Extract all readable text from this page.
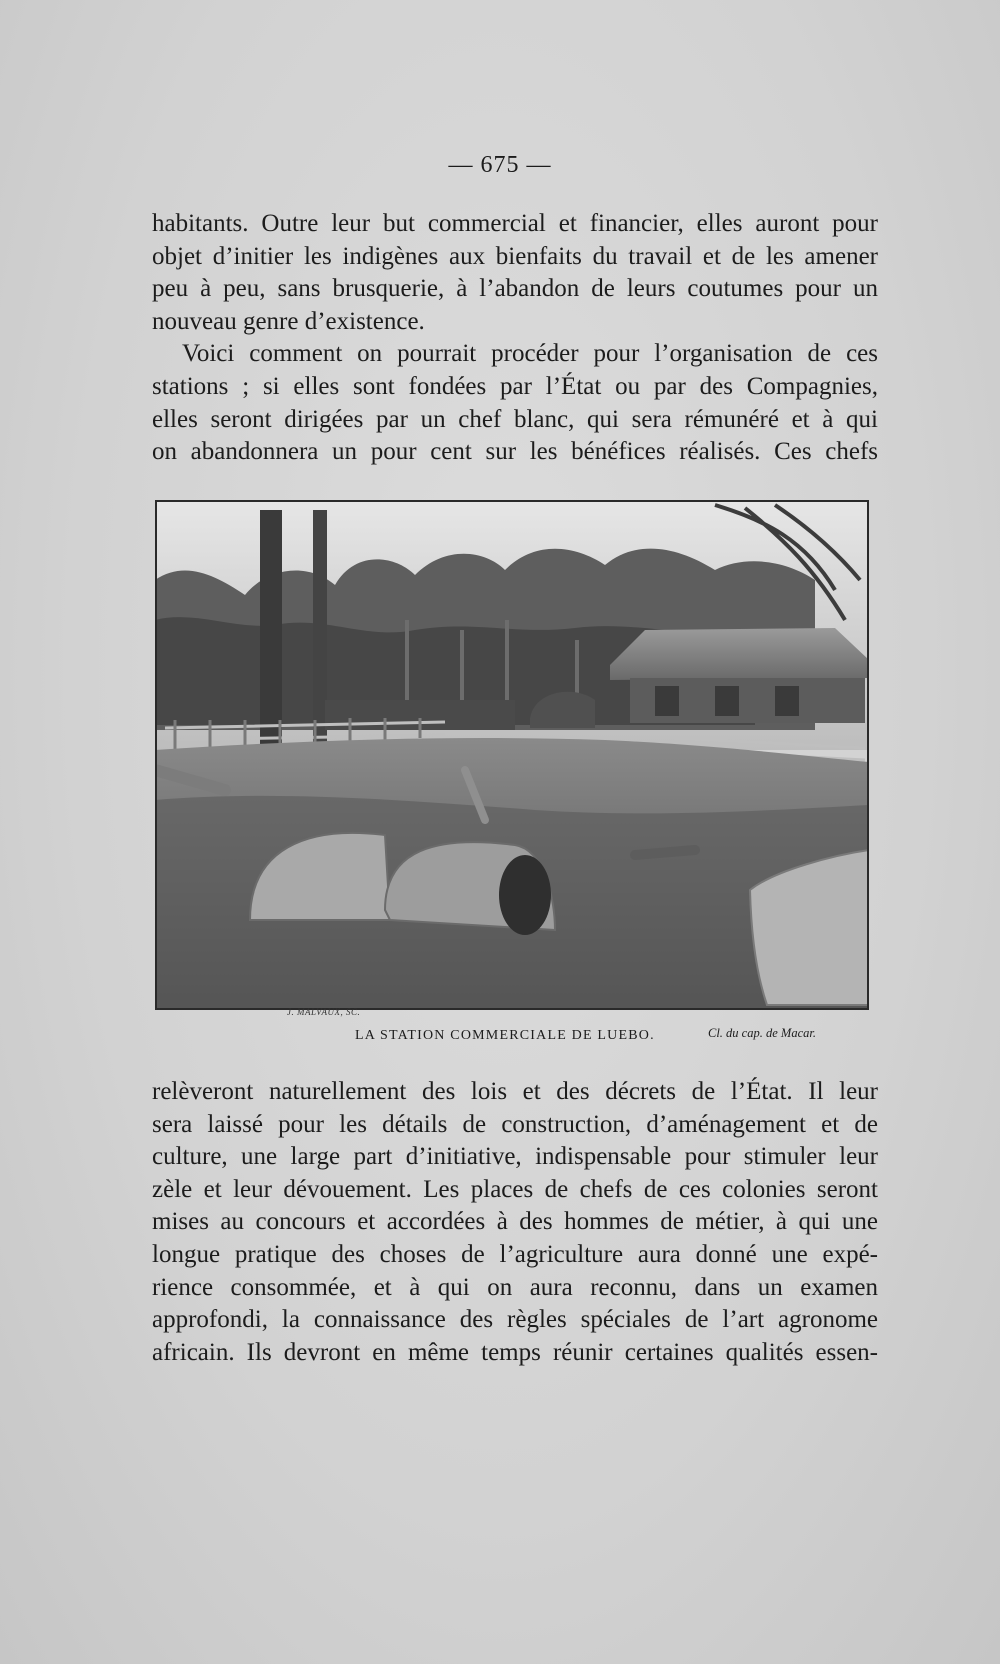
— 675 —

habitants. Outre leur but commercial et financier, elles auront pour
objet d’initier les indigènes aux bienfaits du travail et de les amener
peu à peu, sans brusquerie, à l’abandon de leurs coutumes pour un
nouveau genre d’existence.

Voici comment on pourrait procéder pour l’organisation de ces
stations ; si elles sont fondées par l’État ou par des Compagnies,
elles seront dirigées par un chef blanc, qui sera rémunéré et à qui
on abandonnera un pour cent sur les bénéfices réalisés. Ces chefs

J. MALVAUX, SC.
LA STATION COMMERCIALE DE LUEBO.	Cl. du cap. de Macar.

relèveront naturellement des lois et des décrets de l’État. Il leur
sera laissé pour les détails de construction, d’aménagement et de
culture, une large part d’initiative, indispensable pour stimuler leur
zèle et leur dévouement. Les places de chefs de ces colonies seront
mises au concours et accordées à des hommes de métier, à qui une
longue pratique des choses de l’agriculture aura donné une expé-
rience consommée, et à qui on aura reconnu, dans un examen
approfondi, la connaissance des règles spéciales de l’art agronome
africain. Ils devront en même temps réunir certaines qualités essen-
